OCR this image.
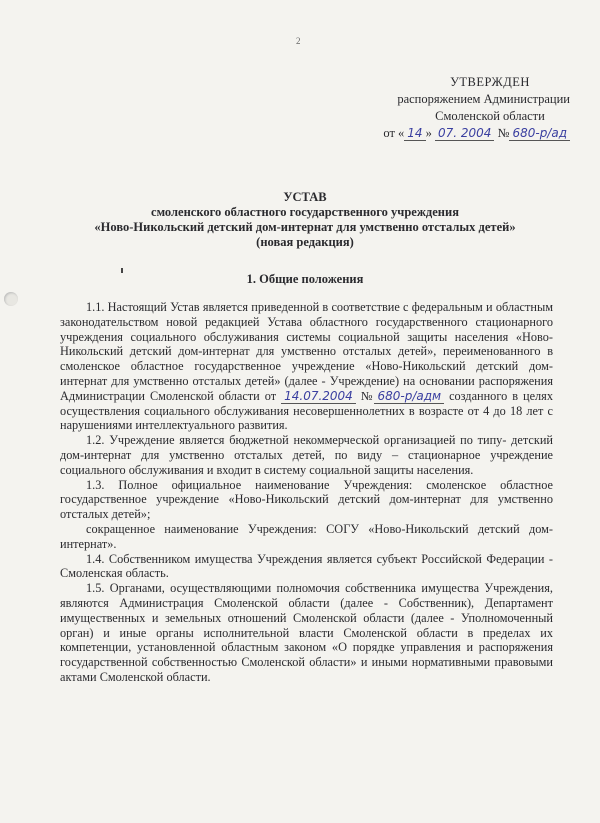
2
УТВЕРЖДЕН
распоряжением Администрации
Смоленской области
от « 14 » 07. 2004 № 680-р/ад
УСТАВ
смоленского областного государственного учреждения
«Ново-Никольский детский дом-интернат для умственно отсталых детей»
(новая редакция)
1. Общие положения

1.1. Настоящий Устав является приведенной в соответствие с федеральным и областным законодательством новой редакцией Устава областного государственного стационарного учреждения социального обслуживания системы социальной защиты населения «Ново-Никольский детский дом-интернат для умственно отсталых детей», переименованного в смоленское областное государственное учреждение «Ново-Никольский детский дом-интернат для умственно отсталых детей» (далее - Учреждение) на основании распоряжения Администрации Смоленской области от 14.07.2004 № 680-р/адм созданного в целях осуществления социального обслуживания несовершеннолетних в возрасте от 4 до 18 лет с нарушениями интеллектуального развития.

1.2. Учреждение является бюджетной некоммерческой организацией по типу- детский дом-интернат для умственно отсталых детей, по виду – стационарное учреждение социального обслуживания и входит в систему социальной защиты населения.

1.3. Полное официальное наименование Учреждения: смоленское областное государственное учреждение «Ново-Никольский детский дом-интернат для умственно отсталых детей»;

сокращенное наименование Учреждения: СОГУ «Ново-Никольский детский дом-интернат».

1.4. Собственником имущества Учреждения является субъект Российской Федерации - Смоленская область.

1.5. Органами, осуществляющими полномочия собственника имущества Учреждения, являются Администрация Смоленской области (далее - Собственник), Департамент имущественных и земельных отношений Смоленской области (далее - Уполномоченный орган) и иные органы исполнительной власти Смоленской области в пределах их компетенции, установленной областным законом «О порядке управления и распоряжения государственной собственностью Смоленской области» и иными нормативными правовыми актами Смоленской области.
